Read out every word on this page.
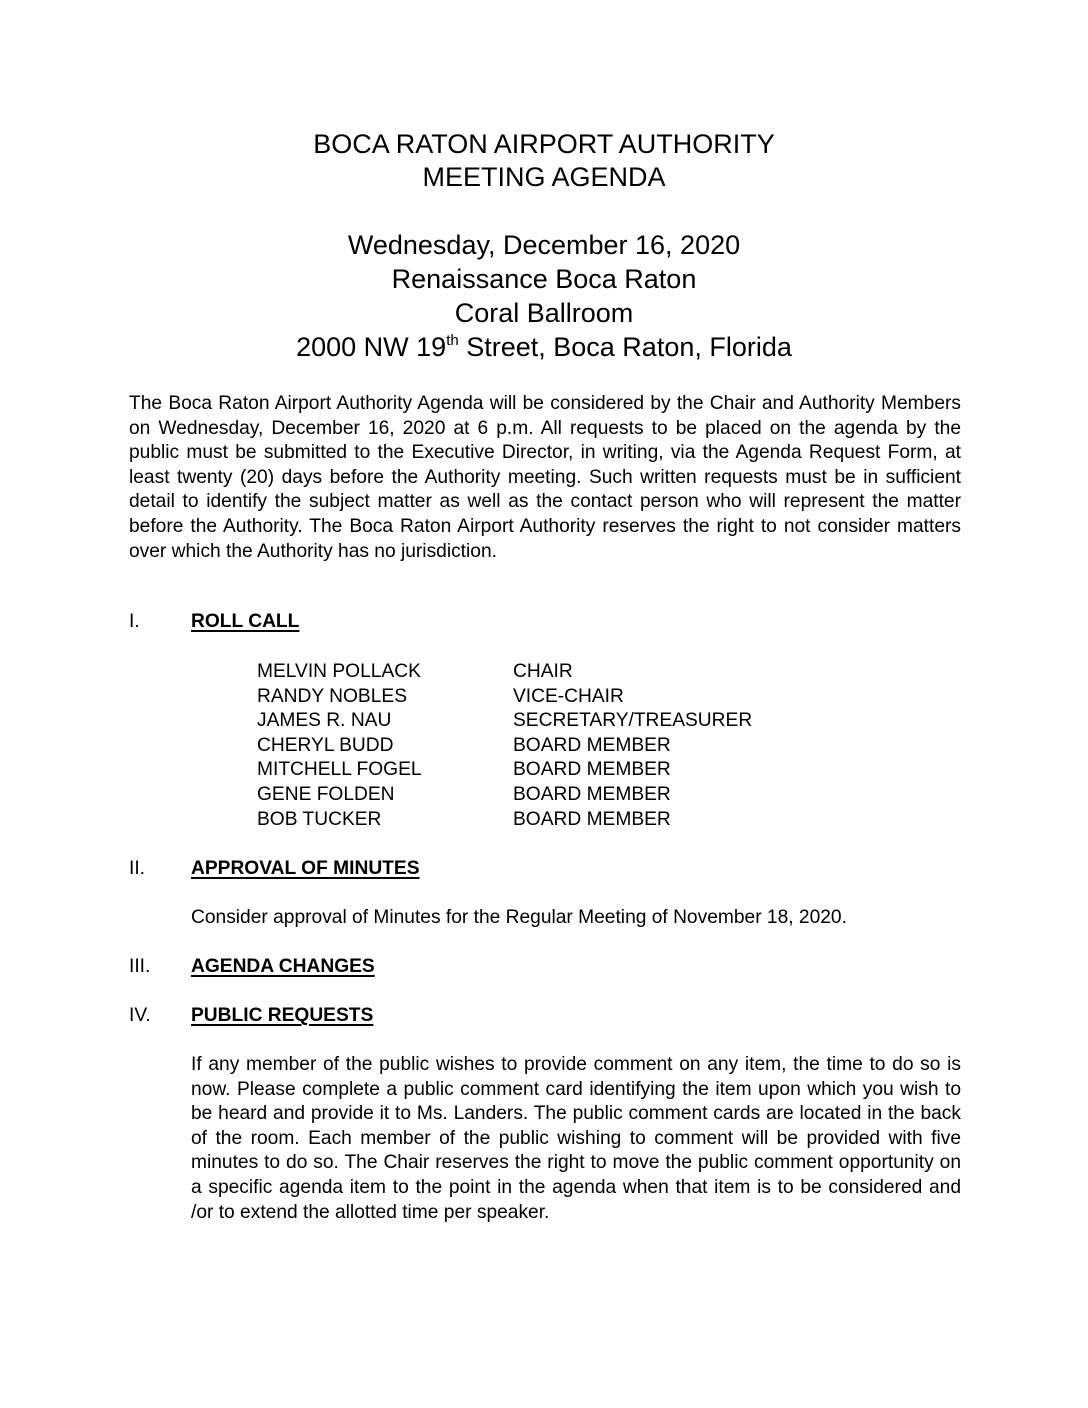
BOCA RATON AIRPORT AUTHORITY
MEETING AGENDA
Wednesday, December 16, 2020
Renaissance Boca Raton
Coral Ballroom
2000 NW 19th Street, Boca Raton, Florida
The Boca Raton Airport Authority Agenda will be considered by the Chair and Authority Members on Wednesday, December 16, 2020 at 6 p.m. All requests to be placed on the agenda by the public must be submitted to the Executive Director, in writing, via the Agenda Request Form, at least twenty (20) days before the Authority meeting. Such written requests must be in sufficient detail to identify the subject matter as well as the contact person who will represent the matter before the Authority. The Boca Raton Airport Authority reserves the right to not consider matters over which the Authority has no jurisdiction.
I.	ROLL CALL
MELVIN POLLACK	CHAIR
RANDY NOBLES	VICE-CHAIR
JAMES R. NAU	SECRETARY/TREASURER
CHERYL BUDD	BOARD MEMBER
MITCHELL FOGEL	BOARD MEMBER
GENE FOLDEN	BOARD MEMBER
BOB TUCKER	BOARD MEMBER
II. APPROVAL OF MINUTES
Consider approval of Minutes for the Regular Meeting of November 18, 2020.
III. AGENDA CHANGES
IV. PUBLIC REQUESTS
If any member of the public wishes to provide comment on any item, the time to do so is now. Please complete a public comment card identifying the item upon which you wish to be heard and provide it to Ms. Landers. The public comment cards are located in the back of the room. Each member of the public wishing to comment will be provided with five minutes to do so. The Chair reserves the right to move the public comment opportunity on a specific agenda item to the point in the agenda when that item is to be considered and /or to extend the allotted time per speaker.
